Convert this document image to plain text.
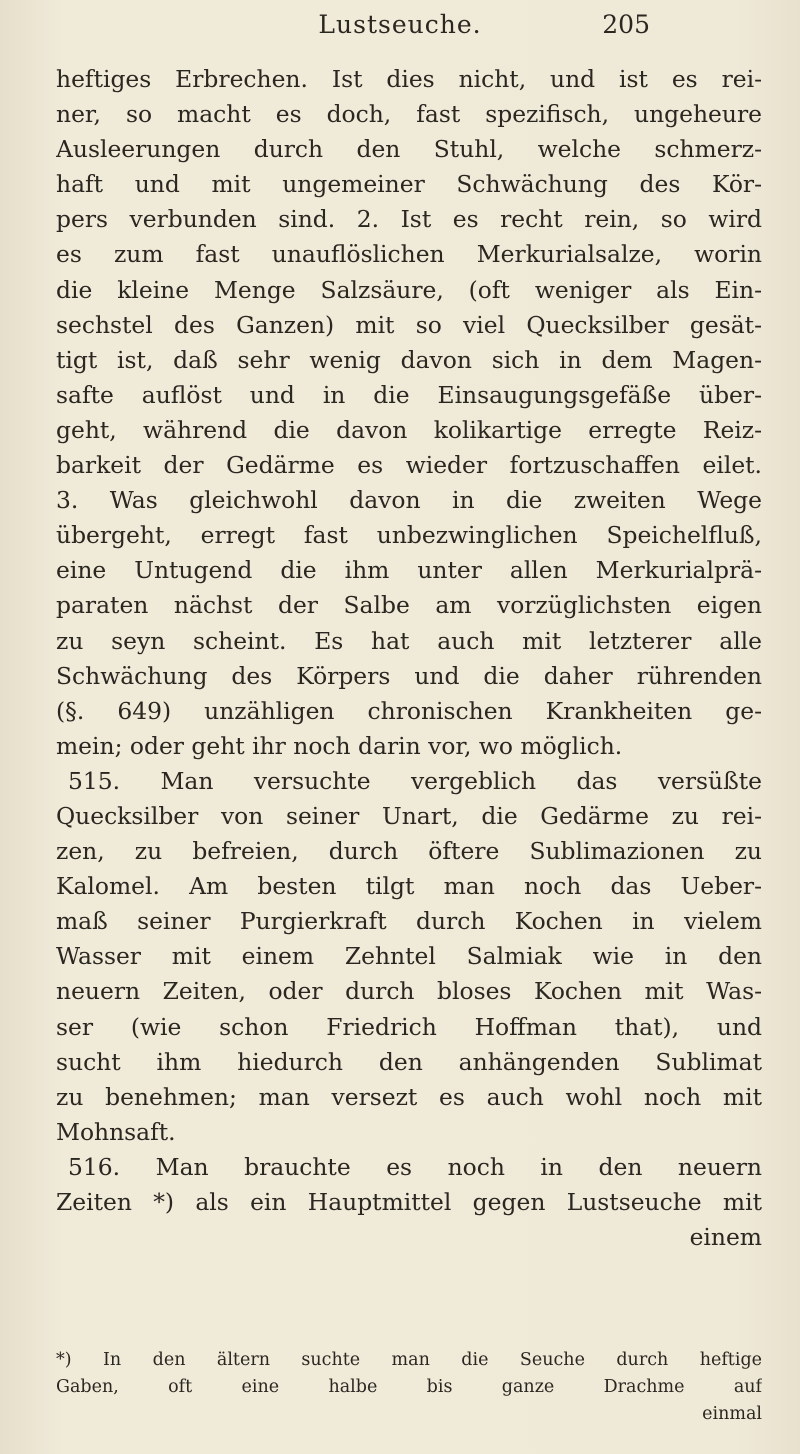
Lustseuche.	205
heftiges Erbrechen. Ist dies nicht, und ist es rei-
ner, so macht es doch, fast spezifisch, ungeheure
Ausleerungen durch den Stuhl, welche schmerz-
haft und mit ungemeiner Schwächung des Kör-
pers verbunden sind. 2. Ist es recht rein, so wird
es zum fast unauflöslichen Merkurialsalze, worin
die kleine Menge Salzsäure, (oft weniger als Ein-
sechstel des Ganzen) mit so viel Quecksilber gesät-
tigt ist, daß sehr wenig davon sich in dem Magen-
safte auflöst und in die Einsaugungsgefäße über-
geht, während die davon kolikartige erregte Reiz-
barkeit der Gedärme es wieder fortzuschaffen eilet.
3. Was gleichwohl davon in die zweiten Wege
übergeht, erregt fast unbezwinglichen Speichelfluß,
eine Untugend die ihm unter allen Merkurialprä-
paraten nächst der Salbe am vorzüglichsten eigen
zu seyn scheint. Es hat auch mit letzterer alle
Schwächung des Körpers und die daher rührenden
(§. 649) unzähligen chronischen Krankheiten ge-
mein; oder geht ihr noch darin vor, wo möglich.
515. Man versuchte vergeblich das versüßte
Quecksilber von seiner Unart, die Gedärme zu rei-
zen, zu befreien, durch öftere Sublimazionen zu
Kalomel. Am besten tilgt man noch das Ueber-
maß seiner Purgierkraft durch Kochen in vielem
Wasser mit einem Zehntel Salmiak wie in den
neuern Zeiten, oder durch bloses Kochen mit Was-
ser (wie schon Friedrich Hoffman that), und
sucht ihm hiedurch den anhängenden Sublimat
zu benehmen; man versezt es auch wohl noch mit
Mohnsaft.
516. Man brauchte es noch in den neuern
Zeiten *) als ein Hauptmittel gegen Lustseuche mit
einem
*) In den ältern suchte man die Seuche durch heftige
Gaben, oft eine halbe bis ganze Drachme auf
einmal
